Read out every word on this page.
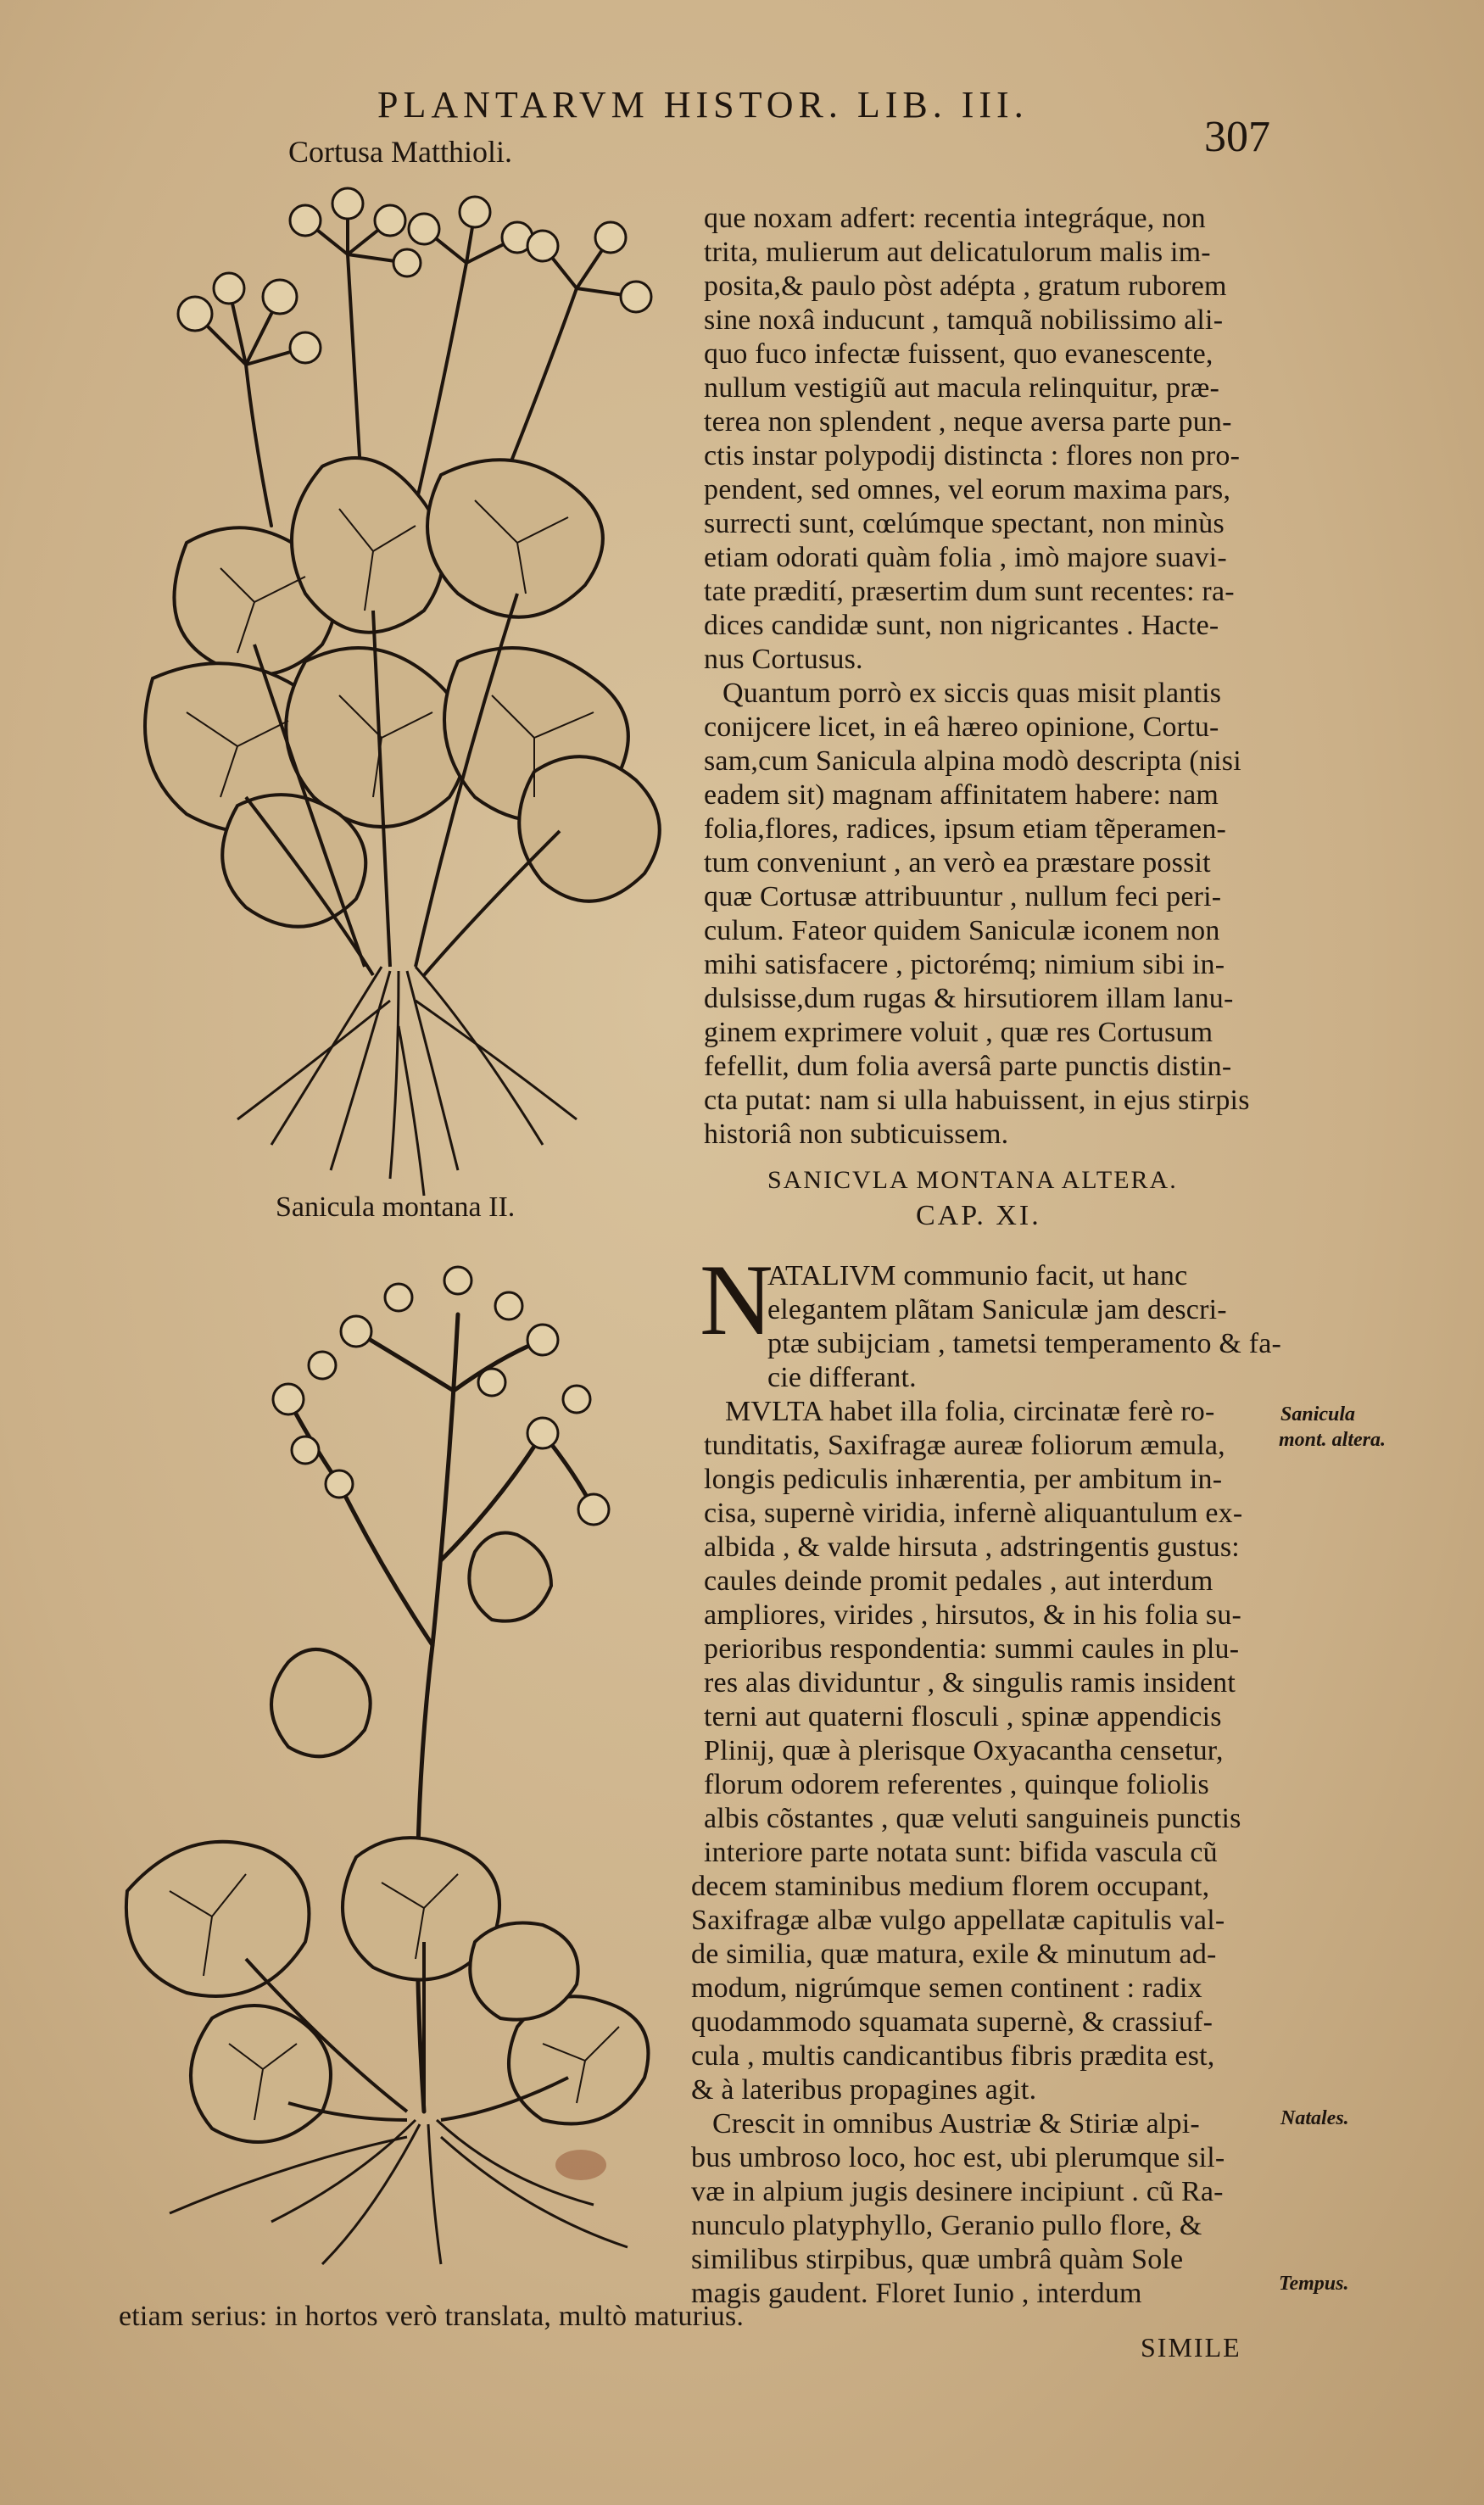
PLANTARVM HISTOR. LIB. III.
307
Cortusa Matthioli.
Sanicula montana II.
que noxam adfert: recentia integráque, non
trita, mulierum aut delicatulorum malis im-
posita,& paulo pòst adépta , gratum ruborem
sine noxâ inducunt , tamquã nobilissimo ali-
quo fuco infectæ fuissent, quo evanescente,
nullum vestigiũ aut macula relinquitur, præ-
terea non splendent , neque aversa parte pun-
ctis instar polypodij distincta : flores non pro-
pendent, sed omnes, vel eorum maxima pars,
surrecti sunt, cœlúmque spectant, non minùs
etiam odorati quàm folia , imò majore suavi-
tate prædití, præsertim dum sunt recentes: ra-
dices candidæ sunt, non nigricantes . Hacte-
nus Cortusus.
Quantum porrò ex siccis quas misit plantis
conijcere licet, in eâ hæreo opinione, Cortu-
sam,cum Sanicula alpina modò descripta (nisi
eadem sit) magnam affinitatem habere: nam
folia,flores, radices, ipsum etiam tẽperamen-
tum conveniunt , an verò ea præstare possit
quæ Cortusæ attribuuntur , nullum feci peri-
culum. Fateor quidem Saniculæ iconem non
mihi satisfacere , pictorémq; nimium sibi in-
dulsisse,dum rugas & hirsutiorem illam lanu-
ginem exprimere voluit , quæ res Cortusum
fefellit, dum folia aversâ parte punctis distin-
cta putat: nam si ulla habuissent, in ejus stirpis
historiâ non subticuissem.
SANICVLA MONTANA ALTERA.
CAP. XI.
N
ATALIVM communio facit, ut hanc
elegantem plãtam Saniculæ jam descri-
ptæ subijciam , tametsi temperamento & fa-
cie differant.
MVLTA habet illa folia, circinatæ ferè ro-
tunditatis, Saxifragæ aureæ foliorum æmula,
longis pediculis inhærentia, per ambitum in-
cisa, supernè viridia, infernè aliquantulum ex-
albida , & valde hirsuta , adstringentis gustus:
caules deinde promit pedales , aut interdum
ampliores, virides , hirsutos, & in his folia su-
perioribus respondentia: summi caules in plu-
res alas dividuntur , & singulis ramis insident
terni aut quaterni flosculi , spinæ appendicis
Plinij, quæ à plerisque Oxyacantha censetur,
florum odorem referentes , quinque foliolis
albis cõstantes , quæ veluti sanguineis punctis
interiore parte notata sunt: bifida vascula cũ
decem staminibus medium florem occupant,
Saxifragæ albæ vulgo appellatæ capitulis val-
de similia, quæ matura, exile & minutum ad-
modum, nigrúmque semen continent : radix
quodammodo squamata supernè, & crassiuf-
cula , multis candicantibus fibris prædita est,
& à lateribus propagines agit.
Crescit in omnibus Austriæ & Stiriæ alpi-
bus umbroso loco, hoc est, ubi plerumque sil-
væ in alpium jugis desinere incipiunt . cũ Ra-
nunculo platyphyllo, Geranio pullo flore, &
similibus stirpibus, quæ umbrâ quàm Sole
magis gaudent. Floret Iunio , interdum
Sanicula
mont. altera.
Natales.
Tempus.
etiam serius: in hortos verò translata, multò maturius.
SIMILE
